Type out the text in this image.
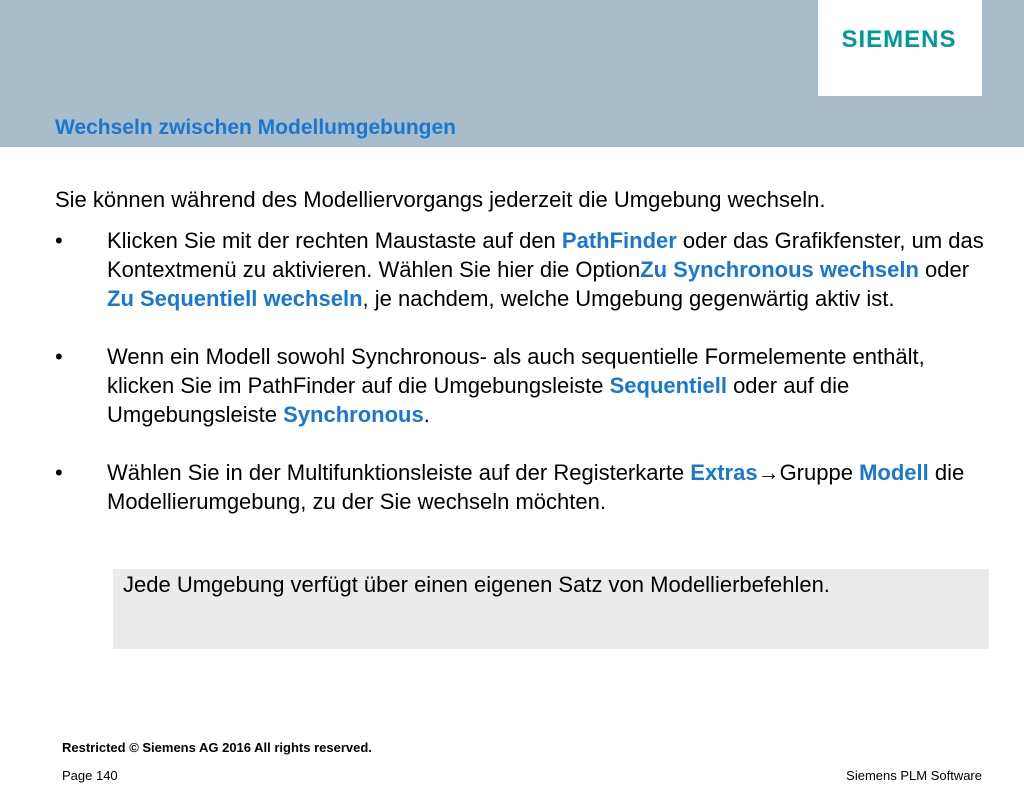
SIEMENS
Wechseln zwischen Modellumgebungen

Sie können während des Modelliervorgangs jederzeit die Umgebung wechseln.

•	Klicken Sie mit der rechten Maustaste auf den PathFinder oder das Grafikfenster, um das Kontextmenü zu aktivieren. Wählen Sie hier die OptionZu Synchronous wechseln oder Zu Sequentiell wechseln, je nachdem, welche Umgebung gegenwärtig aktiv ist.
•	Wenn ein Modell sowohl Synchronous- als auch sequentielle Formelemente enthält, klicken Sie im PathFinder auf die Umgebungsleiste Sequentiell oder auf die Umgebungsleiste Synchronous.
•	Wählen Sie in der Multifunktionsleiste auf der Registerkarte Extras→Gruppe Modell die Modellierumgebung, zu der Sie wechseln möchten.

Jede Umgebung verfügt über einen eigenen Satz von Modellierbefehlen.

Restricted © Siemens AG 2016 All rights reserved.
Page 140	Siemens PLM Software
